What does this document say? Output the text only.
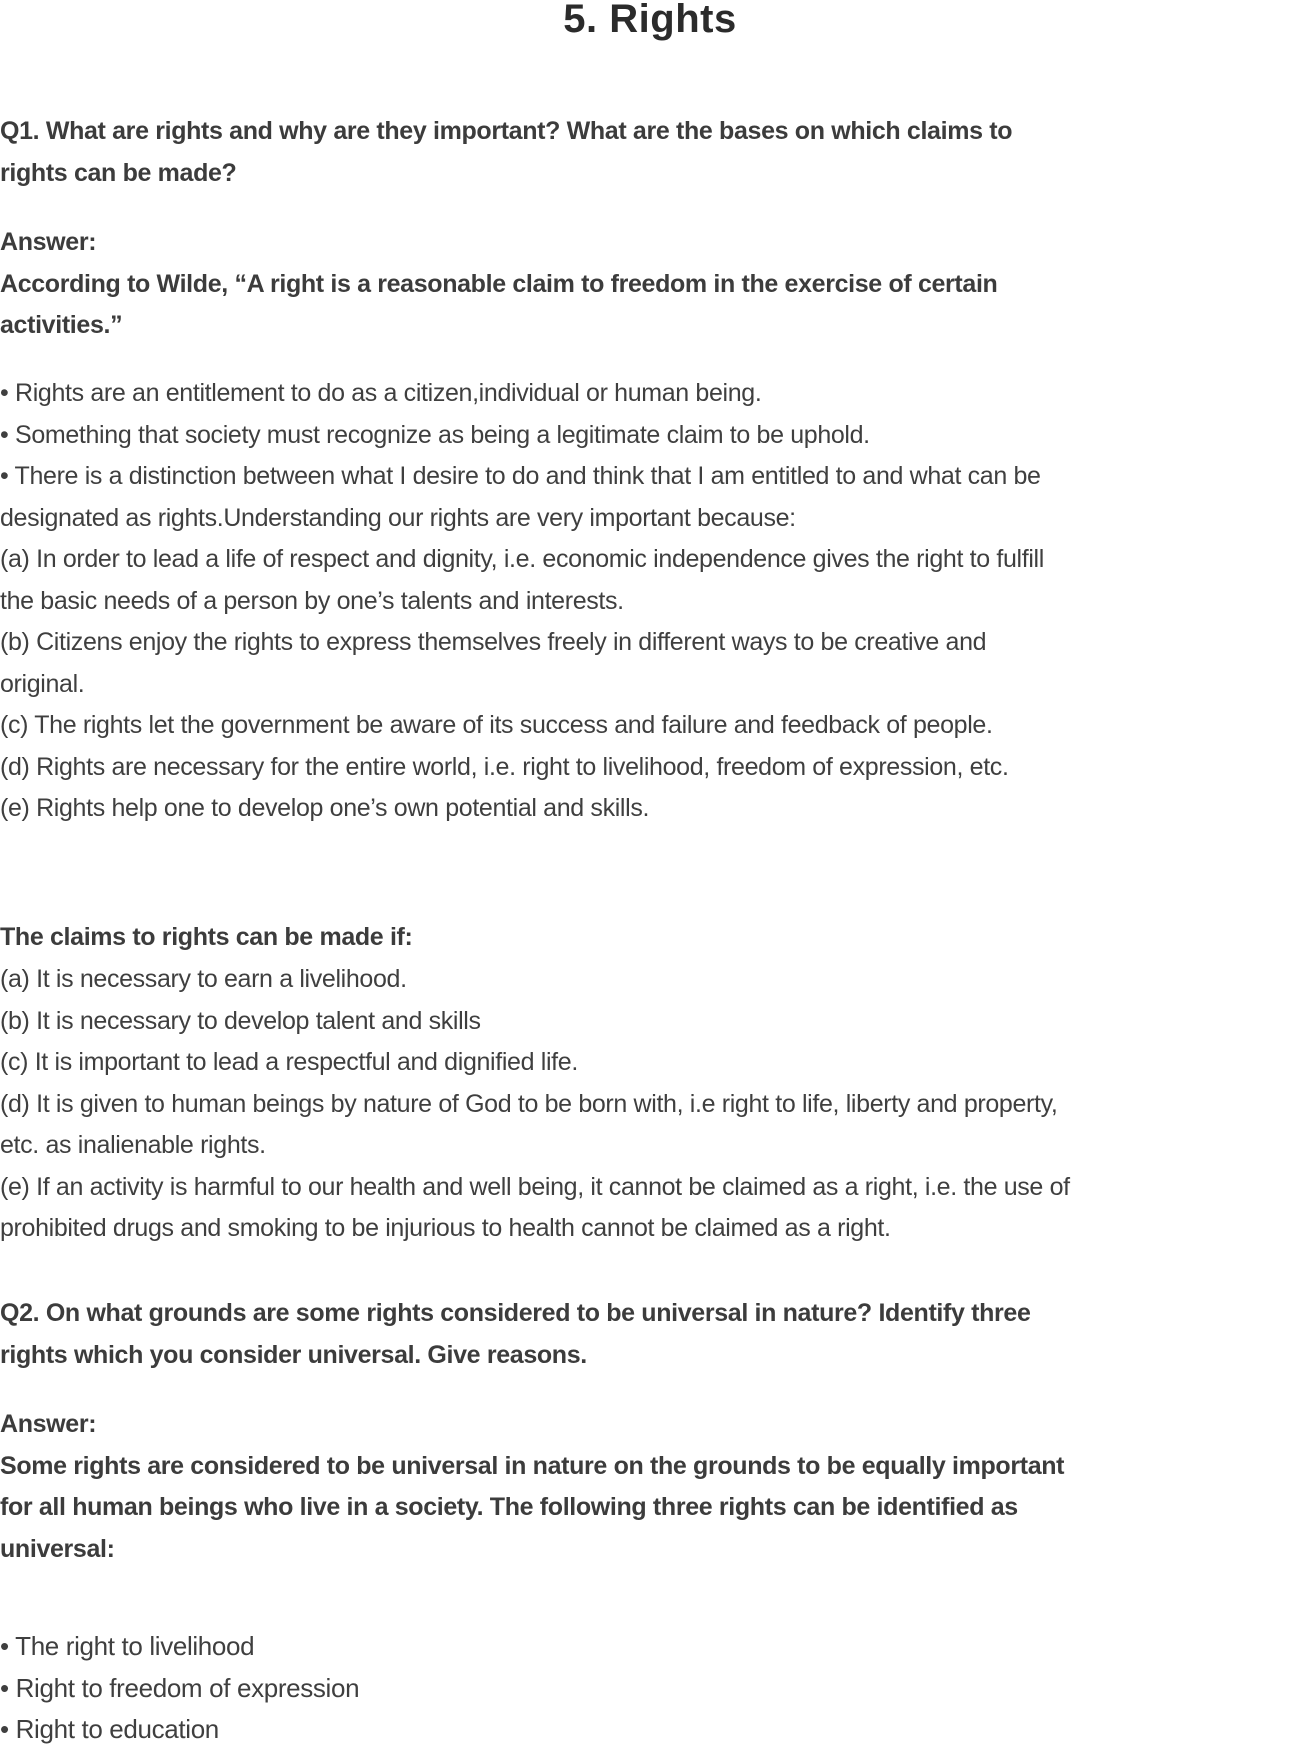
5. Rights
Q1. What are rights and why are they important? What are the bases on which claims to
rights can be made?
Answer:
According to Wilde, “A right is a reasonable claim to freedom in the exercise of certain
activities.”
• Rights are an entitlement to do as a citizen,individual or human being.
• Something that society must recognize as being a legitimate claim to be uphold.
• There is a distinction between what I desire to do and think that I am entitled to and what can be
designated as rights.Understanding our rights are very important because:
(a) In order to lead a life of respect and dignity, i.e. economic independence gives the right to fulfill
the basic needs of a person by one’s talents and interests.
(b) Citizens enjoy the rights to express themselves freely in different ways to be creative and
original.
(c) The rights let the government be aware of its success and failure and feedback of people.
(d) Rights are necessary for the entire world, i.e. right to livelihood, freedom of expression, etc.
(e) Rights help one to develop one’s own potential and skills.
The claims to rights can be made if:
(a) It is necessary to earn a livelihood.
(b) It is necessary to develop talent and skills
(c) It is important to lead a respectful and dignified life.
(d) It is given to human beings by nature of God to be born with, i.e right to life, liberty and property,
etc. as inalienable rights.
(e) If an activity is harmful to our health and well being, it cannot be claimed as a right, i.e. the use of
prohibited drugs and smoking to be injurious to health cannot be claimed as a right.
Q2. On what grounds are some rights considered to be universal in nature? Identify three
rights which you consider universal. Give reasons.
Answer:
Some rights are considered to be universal in nature on the grounds to be equally important
for all human beings who live in a society. The following three rights can be identified as
universal:
• The right to livelihood
• Right to freedom of expression
• Right to education
